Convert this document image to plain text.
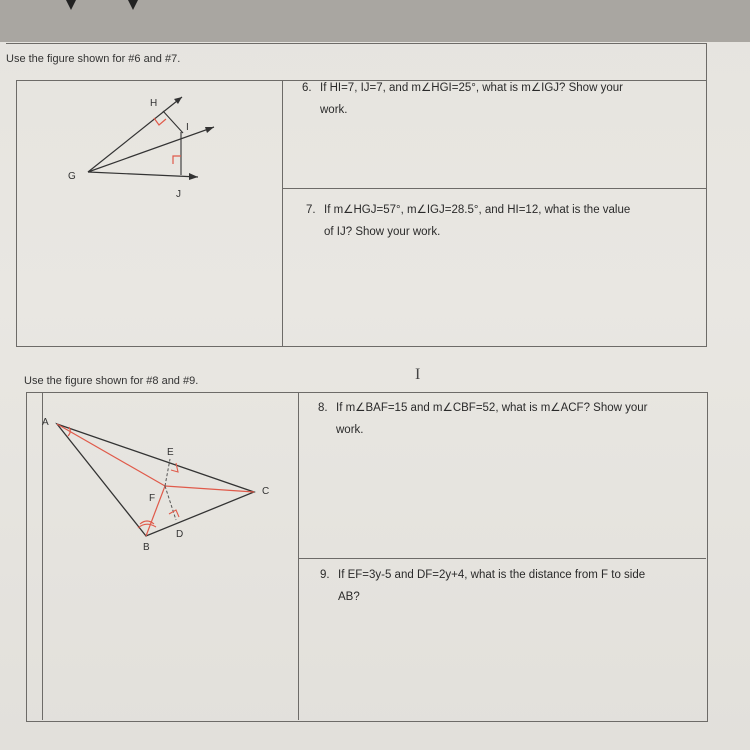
Use the figure shown for #6 and #7.
H
I
G
J
6. If HI=7, IJ=7, and m∠HGI=25°, what is m∠IGJ? Show your
work.
7. If m∠HGJ=57°, m∠IGJ=28.5°, and HI=12, what is the value
of IJ? Show your work.
I
Use the figure shown for #8 and #9.
A
B
C
D
E
F
8. If m∠BAF=15 and m∠CBF=52, what is m∠ACF? Show your
work.
9. If EF=3y-5 and DF=2y+4, what is the distance from F to side
AB?
